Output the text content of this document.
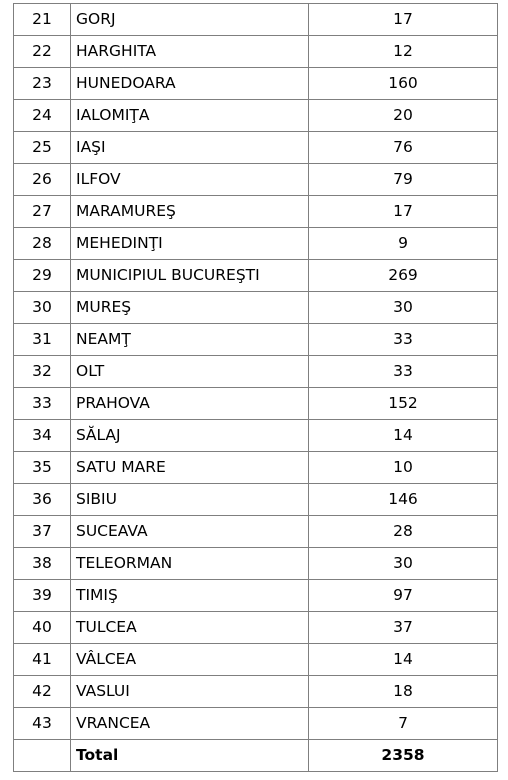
21	GORJ	17
22	HARGHITA	12
23	HUNEDOARA	160
24	IALOMIŢA	20
25	IAŞI	76
26	ILFOV	79
27	MARAMUREŞ	17
28	MEHEDINŢI	9
29	MUNICIPIUL BUCUREŞTI	269
30	MUREŞ	30
31	NEAMŢ	33
32	OLT	33
33	PRAHOVA	152
34	SĂLAJ	14
35	SATU MARE	10
36	SIBIU	146
37	SUCEAVA	28
38	TELEORMAN	30
39	TIMIŞ	97
40	TULCEA	37
41	VÂLCEA	14
42	VASLUI	18
43	VRANCEA	7
	Total	2358
